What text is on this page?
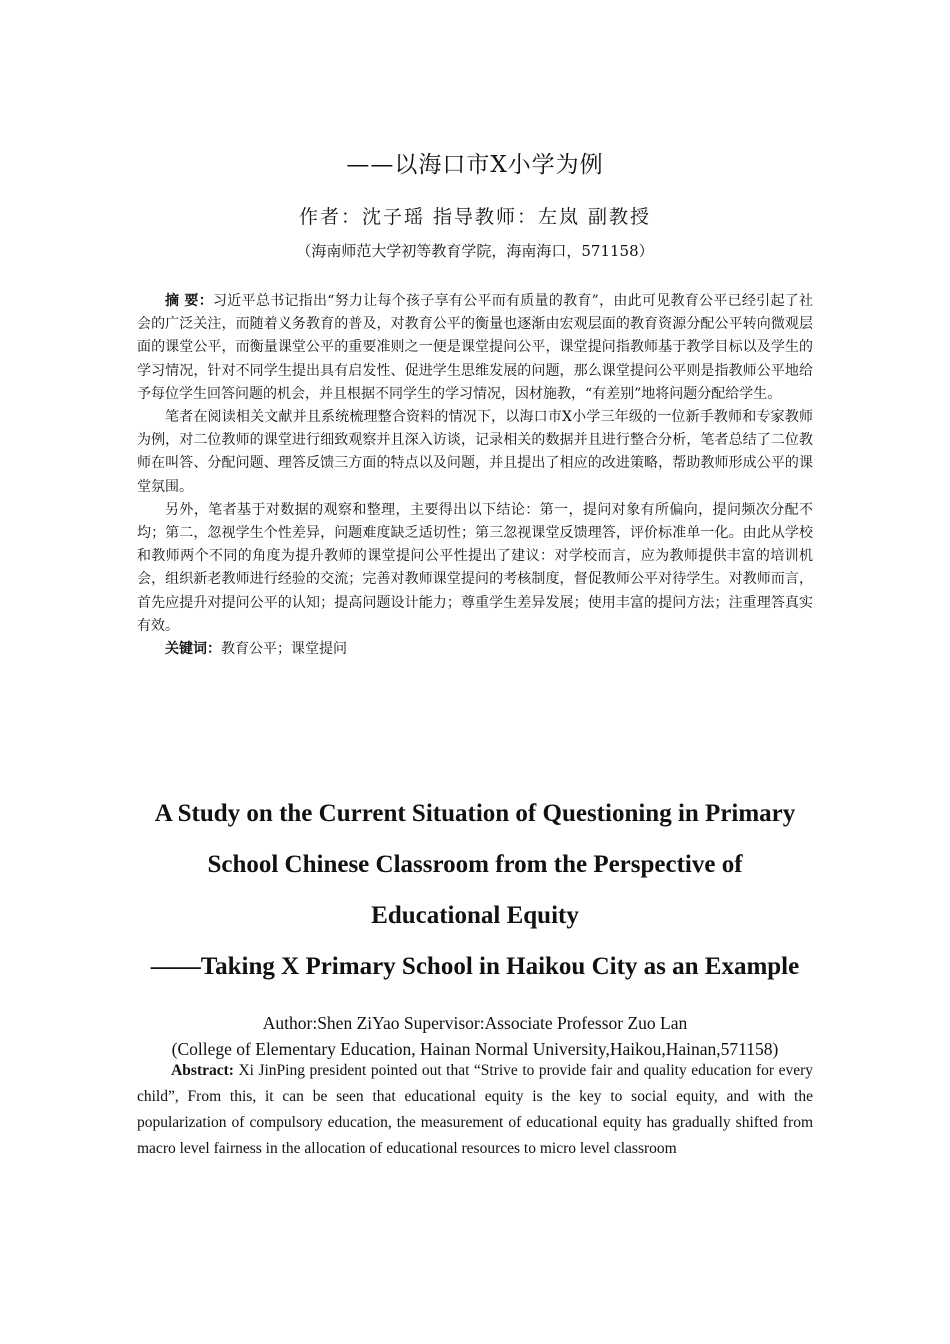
——以海口市X小学为例
作者：沈子瑶 指导教师：左岚 副教授
（海南师范大学初等教育学院，海南海口，571158）

摘 要：习近平总书记指出“努力让每个孩子享有公平而有质量的教育”，由此可见教育公平已经引起了社会的广泛关注，而随着义务教育的普及，对教育公平的衡量也逐渐由宏观层面的教育资源分配公平转向微观层面的课堂公平，而衡量课堂公平的重要准则之一便是课堂提问公平，课堂提问指教师基于教学目标以及学生的学习情况，针对不同学生提出具有启发性、促进学生思维发展的问题，那么课堂提问公平则是指教师公平地给予每位学生回答问题的机会，并且根据不同学生的学习情况，因材施教，“有差别”地将问题分配给学生。

笔者在阅读相关文献并且系统梳理整合资料的情况下，以海口市X小学三年级的一位新手教师和专家教师为例，对二位教师的课堂进行细致观察并且深入访谈，记录相关的数据并且进行整合分析，笔者总结了二位教师在叫答、分配问题、理答反馈三方面的特点以及问题，并且提出了相应的改进策略，帮助教师形成公平的课堂氛围。

另外，笔者基于对数据的观察和整理，主要得出以下结论：第一，提问对象有所偏向，提问频次分配不均；第二，忽视学生个性差异，问题难度缺乏适切性；第三忽视课堂反馈理答，评价标准单一化。由此从学校和教师两个不同的角度为提升教师的课堂提问公平性提出了建议：对学校而言，应为教师提供丰富的培训机会，组织新老教师进行经验的交流；完善对教师课堂提问的考核制度，督促教师公平对待学生。对教师而言，首先应提升对提问公平的认知；提高问题设计能力；尊重学生差异发展；使用丰富的提问方法；注重理答真实有效。

关键词：教育公平；课堂提问

A Study on the Current Situation of Questioning in Primary
School Chinese Classroom from the Perspective of
Educational Equity
——Taking X Primary School in Haikou City as an Example
Author:Shen ZiYao Supervisor:Associate Professor Zuo Lan
(College of Elementary Education, Hainan Normal University,Haikou,Hainan,571158)

Abstract: Xi JinPing president pointed out that “Strive to provide fair and quality education for every child”, From this, it can be seen that educational equity is the key to social equity, and with the popularization of compulsory education, the measurement of educational equity has gradually shifted from macro level fairness in the allocation of educational resources to micro level classroom
